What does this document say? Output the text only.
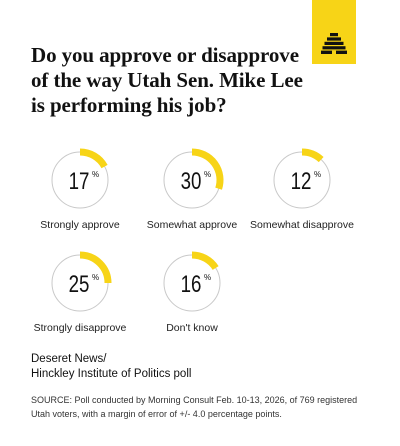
Do you approve or disapprove of the way Utah Sen. Mike Lee is performing his job?
17 %
Strongly approve
30 %
Somewhat approve
12 %
Somewhat disapprove
25 %
Strongly disapprove
16 %
Don't know
Deseret News/
Hinckley Institute of Politics poll
SOURCE: Poll conducted by Morning Consult Feb. 10-13, 2026, of 769 registered Utah voters, with a margin of error of +/- 4.0 percentage points.
